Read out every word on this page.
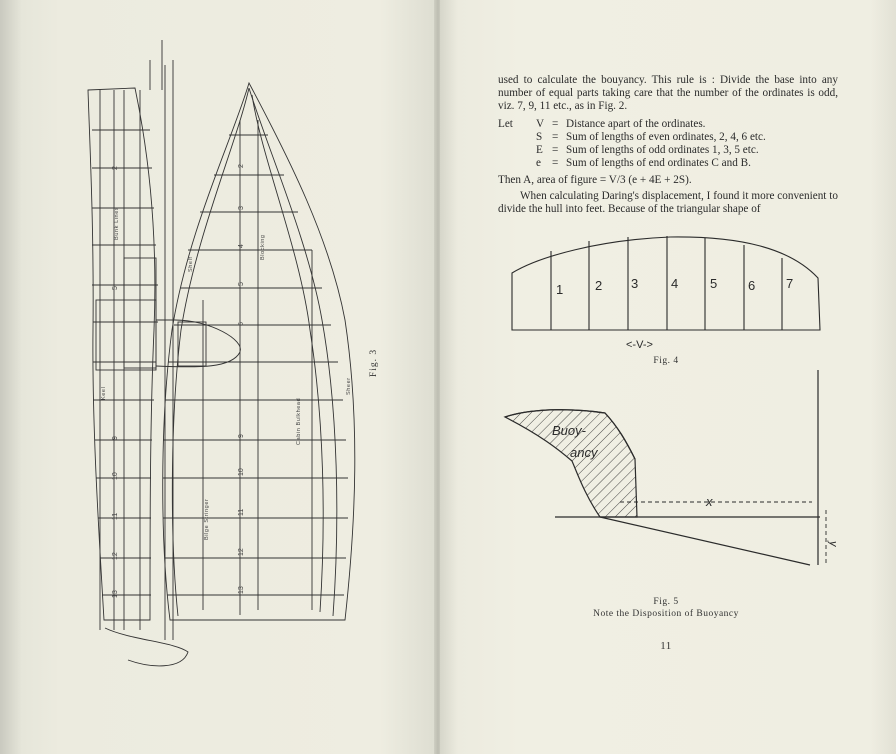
2
3
4
5
6
9
10
11
12
13
2
5
9
10
11
12
13
Keel
Bilge Stringer
Bunk Lines
Shelf
Blocking
Cabin Bulkhead
Sheer
Fig. 3
used to calculate the bouyancy. This rule is : Divide the base into any number of equal parts taking care that the number of the ordinates is odd, viz. 7, 9, 11 etc., as in Fig. 2.
Let V = Distance apart of the ordinates.
S = Sum of lengths of even ordinates, 2, 4, 6 etc.
E = Sum of lengths of odd ordinates 1, 3, 5 etc.
e = Sum of lengths of end ordinates C and B.
Then A, area of figure = V/3 (e + 4E + 2S).
When calculating Daring's displacement, I found it more convenient to divide the hull into feet. Because of the triangular shape of
1 2 3	4 5 6 7
<-V->
Fig. 4
Buoy-
ancy
x
y
Fig. 5
Note the Disposition of Buoyancy
11
